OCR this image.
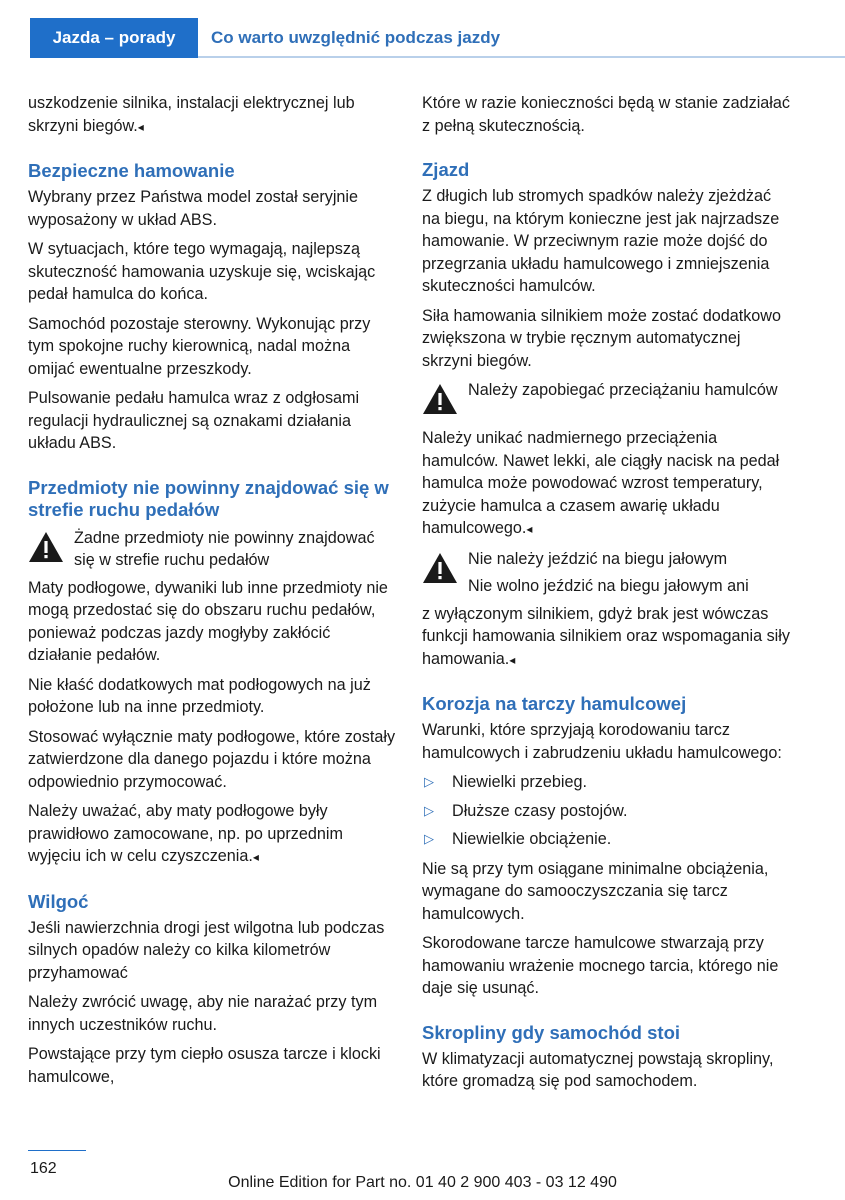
Jazda – porady	Co warto uwzględnić podczas jazdy

uszkodzenie silnika, instalacji elektrycznej lub skrzyni biegów.◂

Bezpieczne hamowanie

Wybrany przez Państwa model został seryjnie wyposażony w układ ABS.

W sytuacjach, które tego wymagają, najlepszą skuteczność hamowania uzyskuje się, wciskając pedał hamulca do końca.

Samochód pozostaje sterowny. Wykonując przy tym spokojne ruchy kierownicą, nadal można omijać ewentualne przeszkody.

Pulsowanie pedału hamulca wraz z odgłosami regulacji hydraulicznej są oznakami działania układu ABS.

Przedmioty nie powinny znajdować się w strefie ruchu pedałów

Żadne przedmioty nie powinny znajdować się w strefie ruchu pedałów

Maty podłogowe, dywaniki lub inne przedmioty nie mogą przedostać się do obszaru ruchu pedałów, ponieważ podczas jazdy mogłyby zakłócić działanie pedałów.

Nie kłaść dodatkowych mat podłogowych na już położone lub na inne przedmioty.

Stosować wyłącznie maty podłogowe, które zostały zatwierdzone dla danego pojazdu i które można odpowiednio przymocować.

Należy uważać, aby maty podłogowe były prawidłowo zamocowane, np. po uprzednim wyjęciu ich w celu czyszczenia.◂

Wilgoć

Jeśli nawierzchnia drogi jest wilgotna lub podczas silnych opadów należy co kilka kilometrów przyhamować

Należy zwrócić uwagę, aby nie narażać przy tym innych uczestników ruchu.

Powstające przy tym ciepło osusza tarcze i klocki hamulcowe,

Które w razie konieczności będą w stanie zadziałać z pełną skutecznością.

Zjazd

Z długich lub stromych spadków należy zjeżdżać na biegu, na którym konieczne jest jak najrzadsze hamowanie. W przeciwnym razie może dojść do przegrzania układu hamulcowego i zmniejszenia skuteczności hamulców.

Siła hamowania silnikiem może zostać dodatkowo zwiększona w trybie ręcznym automatycznej skrzyni biegów.

Należy zapobiegać przeciążaniu hamulców

Należy unikać nadmiernego przeciążenia hamulców. Nawet lekki, ale ciągły nacisk na pedał hamulca może powodować wzrost temperatury, zużycie hamulca a czasem awarię układu hamulcowego.◂

Nie należy jeździć na biegu jałowym

Nie wolno jeździć na biegu jałowym ani

z wyłączonym silnikiem, gdyż brak jest wówczas funkcji hamowania silnikiem oraz wspomagania siły hamowania.◂

Korozja na tarczy hamulcowej

Warunki, które sprzyjają korodowaniu tarcz hamulcowych i zabrudzeniu układu hamulcowego:

▷ Niewielki przebieg.
▷ Dłuższe czasy postojów.
▷ Niewielkie obciążenie.

Nie są przy tym osiągane minimalne obciążenia, wymagane do samooczyszczania się tarcz hamulcowych.

Skorodowane tarcze hamulcowe stwarzają przy hamowaniu wrażenie mocnego tarcia, którego nie daje się usunąć.

Skropliny gdy samochód stoi

W klimatyzacji automatycznej powstają skropliny, które gromadzą się pod samochodem.

162
Online Edition for Part no. 01 40 2 900 403 - 03 12 490
